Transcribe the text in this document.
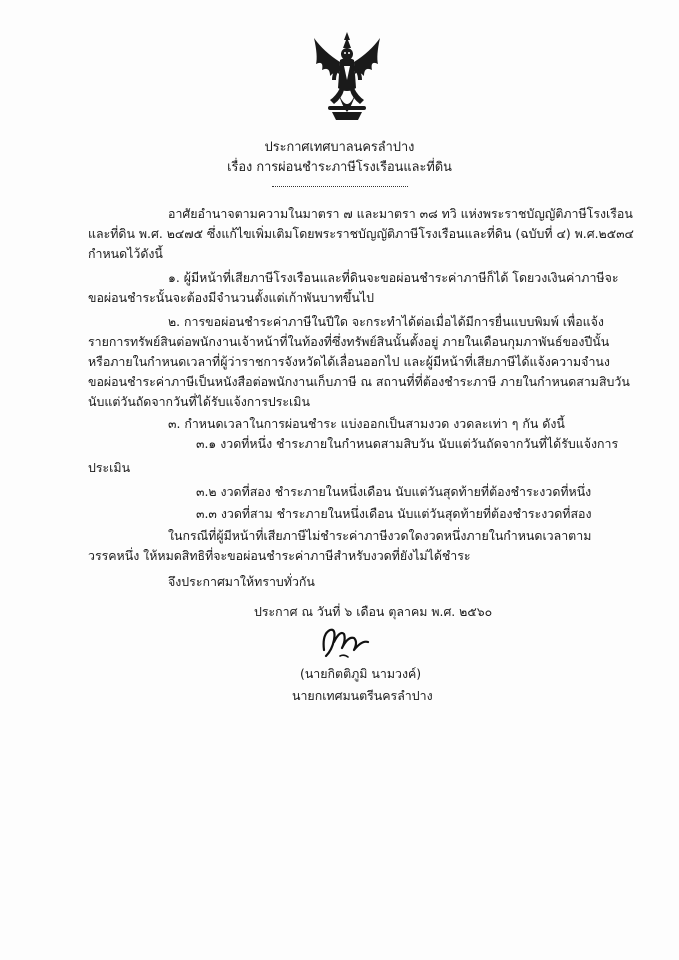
ประกาศเทศบาลนครลำปาง
เรื่อง การผ่อนชำระภาษีโรงเรือนและที่ดิน
อาศัยอำนาจตามความในมาตรา ๗ และมาตรา ๓๘ ทวิ แห่งพระราชบัญญัติภาษีโรงเรือน
และที่ดิน พ.ศ. ๒๔๗๕ ซึ่งแก้ไขเพิ่มเติมโดยพระราชบัญญัติภาษีโรงเรือนและที่ดิน (ฉบับที่ ๔) พ.ศ.๒๕๓๔
กำหนดไว้ดังนี้
๑. ผู้มีหน้าที่เสียภาษีโรงเรือนและที่ดินจะขอผ่อนชำระค่าภาษีก็ได้ โดยวงเงินค่าภาษีจะ
ขอผ่อนชำระนั้นจะต้องมีจำนวนตั้งแต่เก้าพันบาทขึ้นไป
๒. การขอผ่อนชำระค่าภาษีในปีใด จะกระทำได้ต่อเมื่อได้มีการยื่นแบบพิมพ์ เพื่อแจ้ง
รายการทรัพย์สินต่อพนักงานเจ้าหน้าที่ในท้องที่ซึ่งทรัพย์สินนั้นตั้งอยู่ ภายในเดือนกุมภาพันธ์ของปีนั้น
หรือภายในกำหนดเวลาที่ผู้ว่าราชการจังหวัดได้เลื่อนออกไป และผู้มีหน้าที่เสียภาษีได้แจ้งความจำนง
ขอผ่อนชำระค่าภาษีเป็นหนังสือต่อพนักงานเก็บภาษี ณ สถานที่ที่ต้องชำระภาษี ภายในกำหนดสามสิบวัน
นับแต่วันถัดจากวันที่ได้รับแจ้งการประเมิน
๓. กำหนดเวลาในการผ่อนชำระ แบ่งออกเป็นสามงวด งวดละเท่า ๆ กัน ดังนี้
๓.๑ งวดที่หนึ่ง ชำระภายในกำหนดสามสิบวัน นับแต่วันถัดจากวันที่ได้รับแจ้งการ
ประเมิน
๓.๒ งวดที่สอง ชำระภายในหนึ่งเดือน นับแต่วันสุดท้ายที่ต้องชำระงวดที่หนึ่ง
๓.๓ งวดที่สาม ชำระภายในหนึ่งเดือน นับแต่วันสุดท้ายที่ต้องชำระงวดที่สอง
ในกรณีที่ผู้มีหน้าที่เสียภาษีไม่ชำระค่าภาษีงวดใดงวดหนึ่งภายในกำหนดเวลาตาม
วรรคหนึ่ง ให้หมดสิทธิที่จะขอผ่อนชำระค่าภาษีสำหรับงวดที่ยังไม่ได้ชำระ
จึงประกาศมาให้ทราบทั่วกัน
ประกาศ ณ วันที่ ๖ เดือน ตุลาคม พ.ศ. ๒๕๖๐
(นายกิตติภูมิ นามวงค์)
นายกเทศมนตรีนครลำปาง
